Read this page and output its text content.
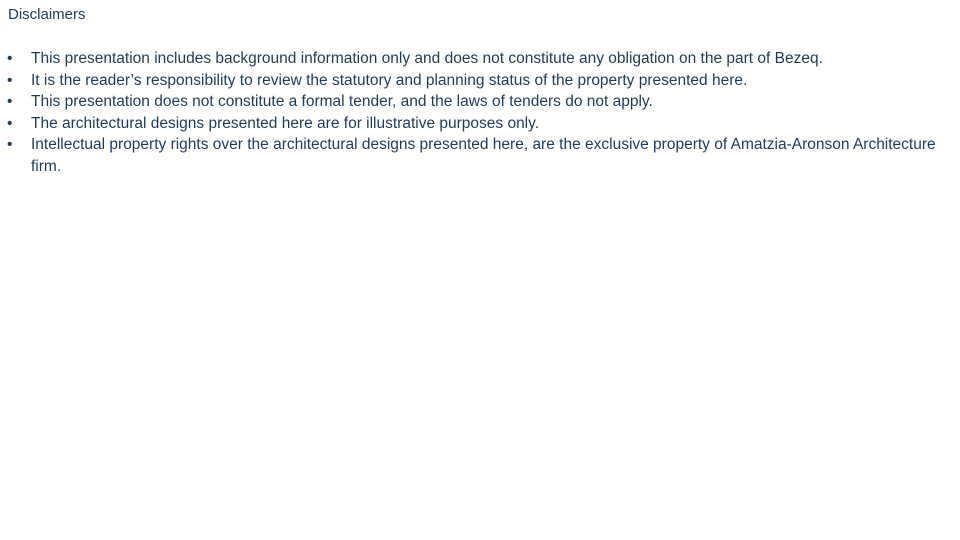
Disclaimers
•	This presentation includes background information only and does not constitute any obligation on the part of Bezeq.
•	It is the reader’s responsibility to review the statutory and planning status of the property presented here.
•	This presentation does not constitute a formal tender, and the laws of tenders do not apply.
•	The architectural designs presented here are for illustrative purposes only.
•	Intellectual property rights over the architectural designs presented here, are the exclusive property of Amatzia-Aronson Architecture firm.
